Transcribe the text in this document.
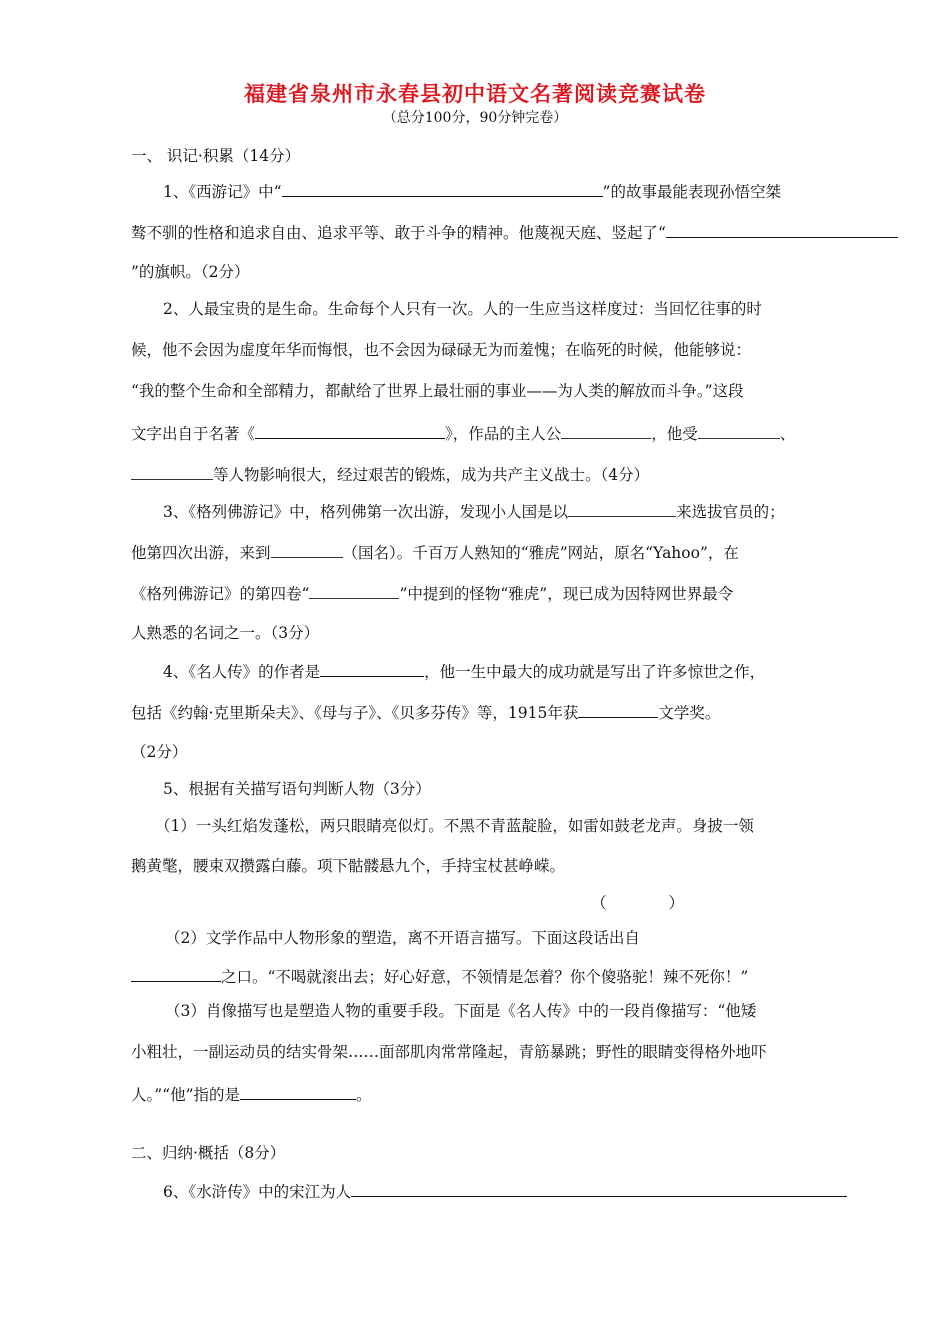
福建省泉州市永春县初中语文名著阅读竞赛试卷
（总分100分，90分钟完卷）
一、 识记·积累（14分）
1、《西游记》中“	”的故事最能表现孙悟空桀
骜不驯的性格和追求自由、追求平等、敢于斗争的精神。他蔑视天庭、竖起了“
”的旗帜。（2分）
2、人最宝贵的是生命。生命每个人只有一次。人的一生应当这样度过：当回忆往事的时
候，他不会因为虚度年华而悔恨，也不会因为碌碌无为而羞愧；在临死的时候，他能够说：
“我的整个生命和全部精力，都献给了世界上最壮丽的事业——为人类的解放而斗争。”这段
文字出自于名著《	》，作品的主人公	，他受	、
等人物影响很大，经过艰苦的锻炼，成为共产主义战士。（4分）
3、《格列佛游记》中，格列佛第一次出游，发现小人国是以	来选拔官员的；
他第四次出游，来到	（国名）。千百万人熟知的“雅虎”网站，原名“Yahoo”，在
《格列佛游记》的第四卷“	”中提到的怪物“雅虎”，现已成为因特网世界最令
人熟悉的名词之一。（3分）
4、《名人传》的作者是	，他一生中最大的成功就是写出了许多惊世之作，
包括《约翰·克里斯朵夫》、《母与子》、《贝多芬传》等，1915年获	文学奖。
（2分）
5、根据有关描写语句判断人物（3分）
（1）一头红焰发蓬松，两只眼睛亮似灯。不黑不青蓝靛脸，如雷如鼓老龙声。身披一领
鹅黄氅，腰束双攒露白藤。项下骷髅悬九个，手持宝杖甚峥嵘。
（	）
（2）文学作品中人物形象的塑造，离不开语言描写。下面这段话出自
之口。“不喝就滚出去；好心好意，不领情是怎着？你个傻骆驼！辣不死你！”
（3）肖像描写也是塑造人物的重要手段。下面是《名人传》中的一段肖像描写：“他矮
小粗壮，一副运动员的结实骨架……面部肌肉常常隆起，青筋暴跳；野性的眼睛变得格外地吓
人。”“他”指的是	。
二、归纳·概括（8分）
6、《水浒传》中的宋江为人
